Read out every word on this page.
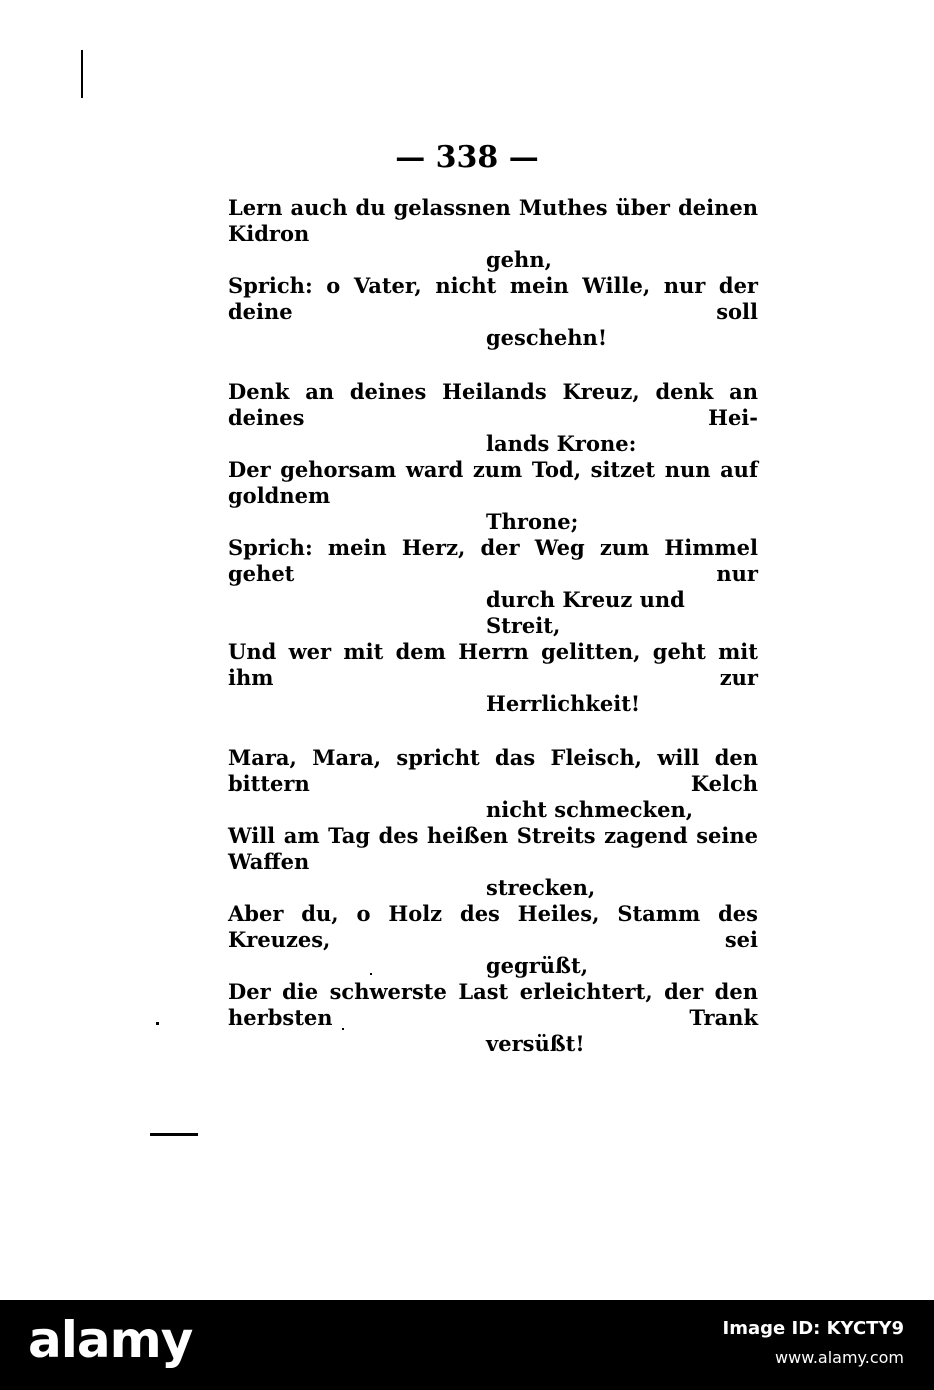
— 338 —
Lern auch du gelassnen Muthes über deinen Kidron
gehn,
Sprich: o Vater, nicht mein Wille, nur der deine soll
geschehn!
Denk an deines Heilands Kreuz, denk an deines Hei-
lands Krone:
Der gehorsam ward zum Tod, sitzet nun auf goldnem
Throne;
Sprich: mein Herz, der Weg zum Himmel gehet nur
durch Kreuz und Streit,
Und wer mit dem Herrn gelitten, geht mit ihm zur
Herrlichkeit!
Mara, Mara, spricht das Fleisch, will den bittern Kelch
nicht schmecken,
Will am Tag des heißen Streits zagend seine Waffen
strecken,
Aber du, o Holz des Heiles, Stamm des Kreuzes, sei
gegrüßt,
Der die schwerste Last erleichtert, der den herbsten Trank
versüßt!
alamy	Image ID: KYCTY9
www.alamy.com
